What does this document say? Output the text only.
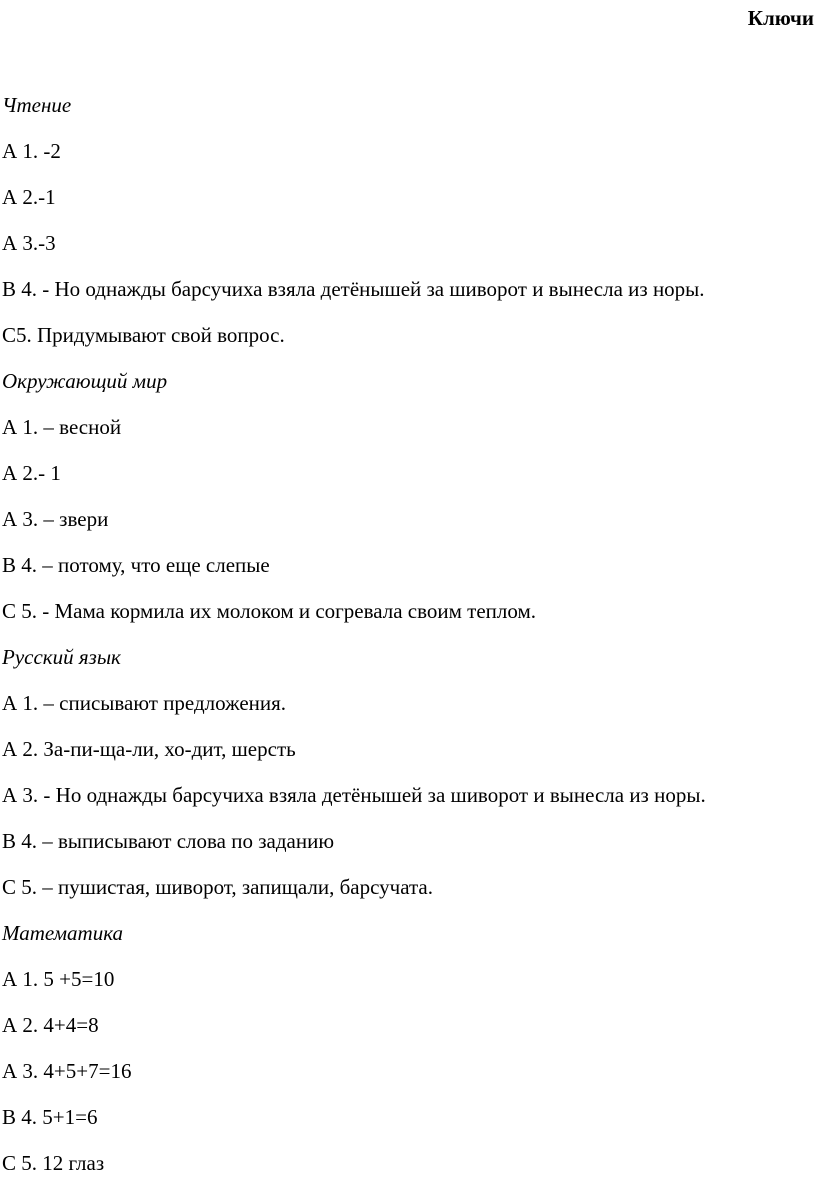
Ключи

Чтение

А 1. -2

А 2.-1

А 3.-3

В 4. - Но однажды барсучиха взяла детёнышей за шиворот и вынесла из норы.

С5. Придумывают свой вопрос.

Окружающий мир

А 1. – весной

А 2.- 1

А 3. – звери

В 4. – потому, что еще слепые

С 5. - Мама кормила их молоком и согревала своим теплом.

Русский язык

А 1. – списывают предложения.

А 2. За-пи-ща-ли, хо-дит, шерсть

А 3. - Но однажды барсучиха взяла детёнышей за шиворот и вынесла из норы.

В 4. – выписывают слова по заданию

С 5. – пушистая, шиворот, запищали, барсучата.

Математика

А 1. 5 +5=10

А 2. 4+4=8

А 3. 4+5+7=16

В 4. 5+1=6

С 5. 12 глаз
